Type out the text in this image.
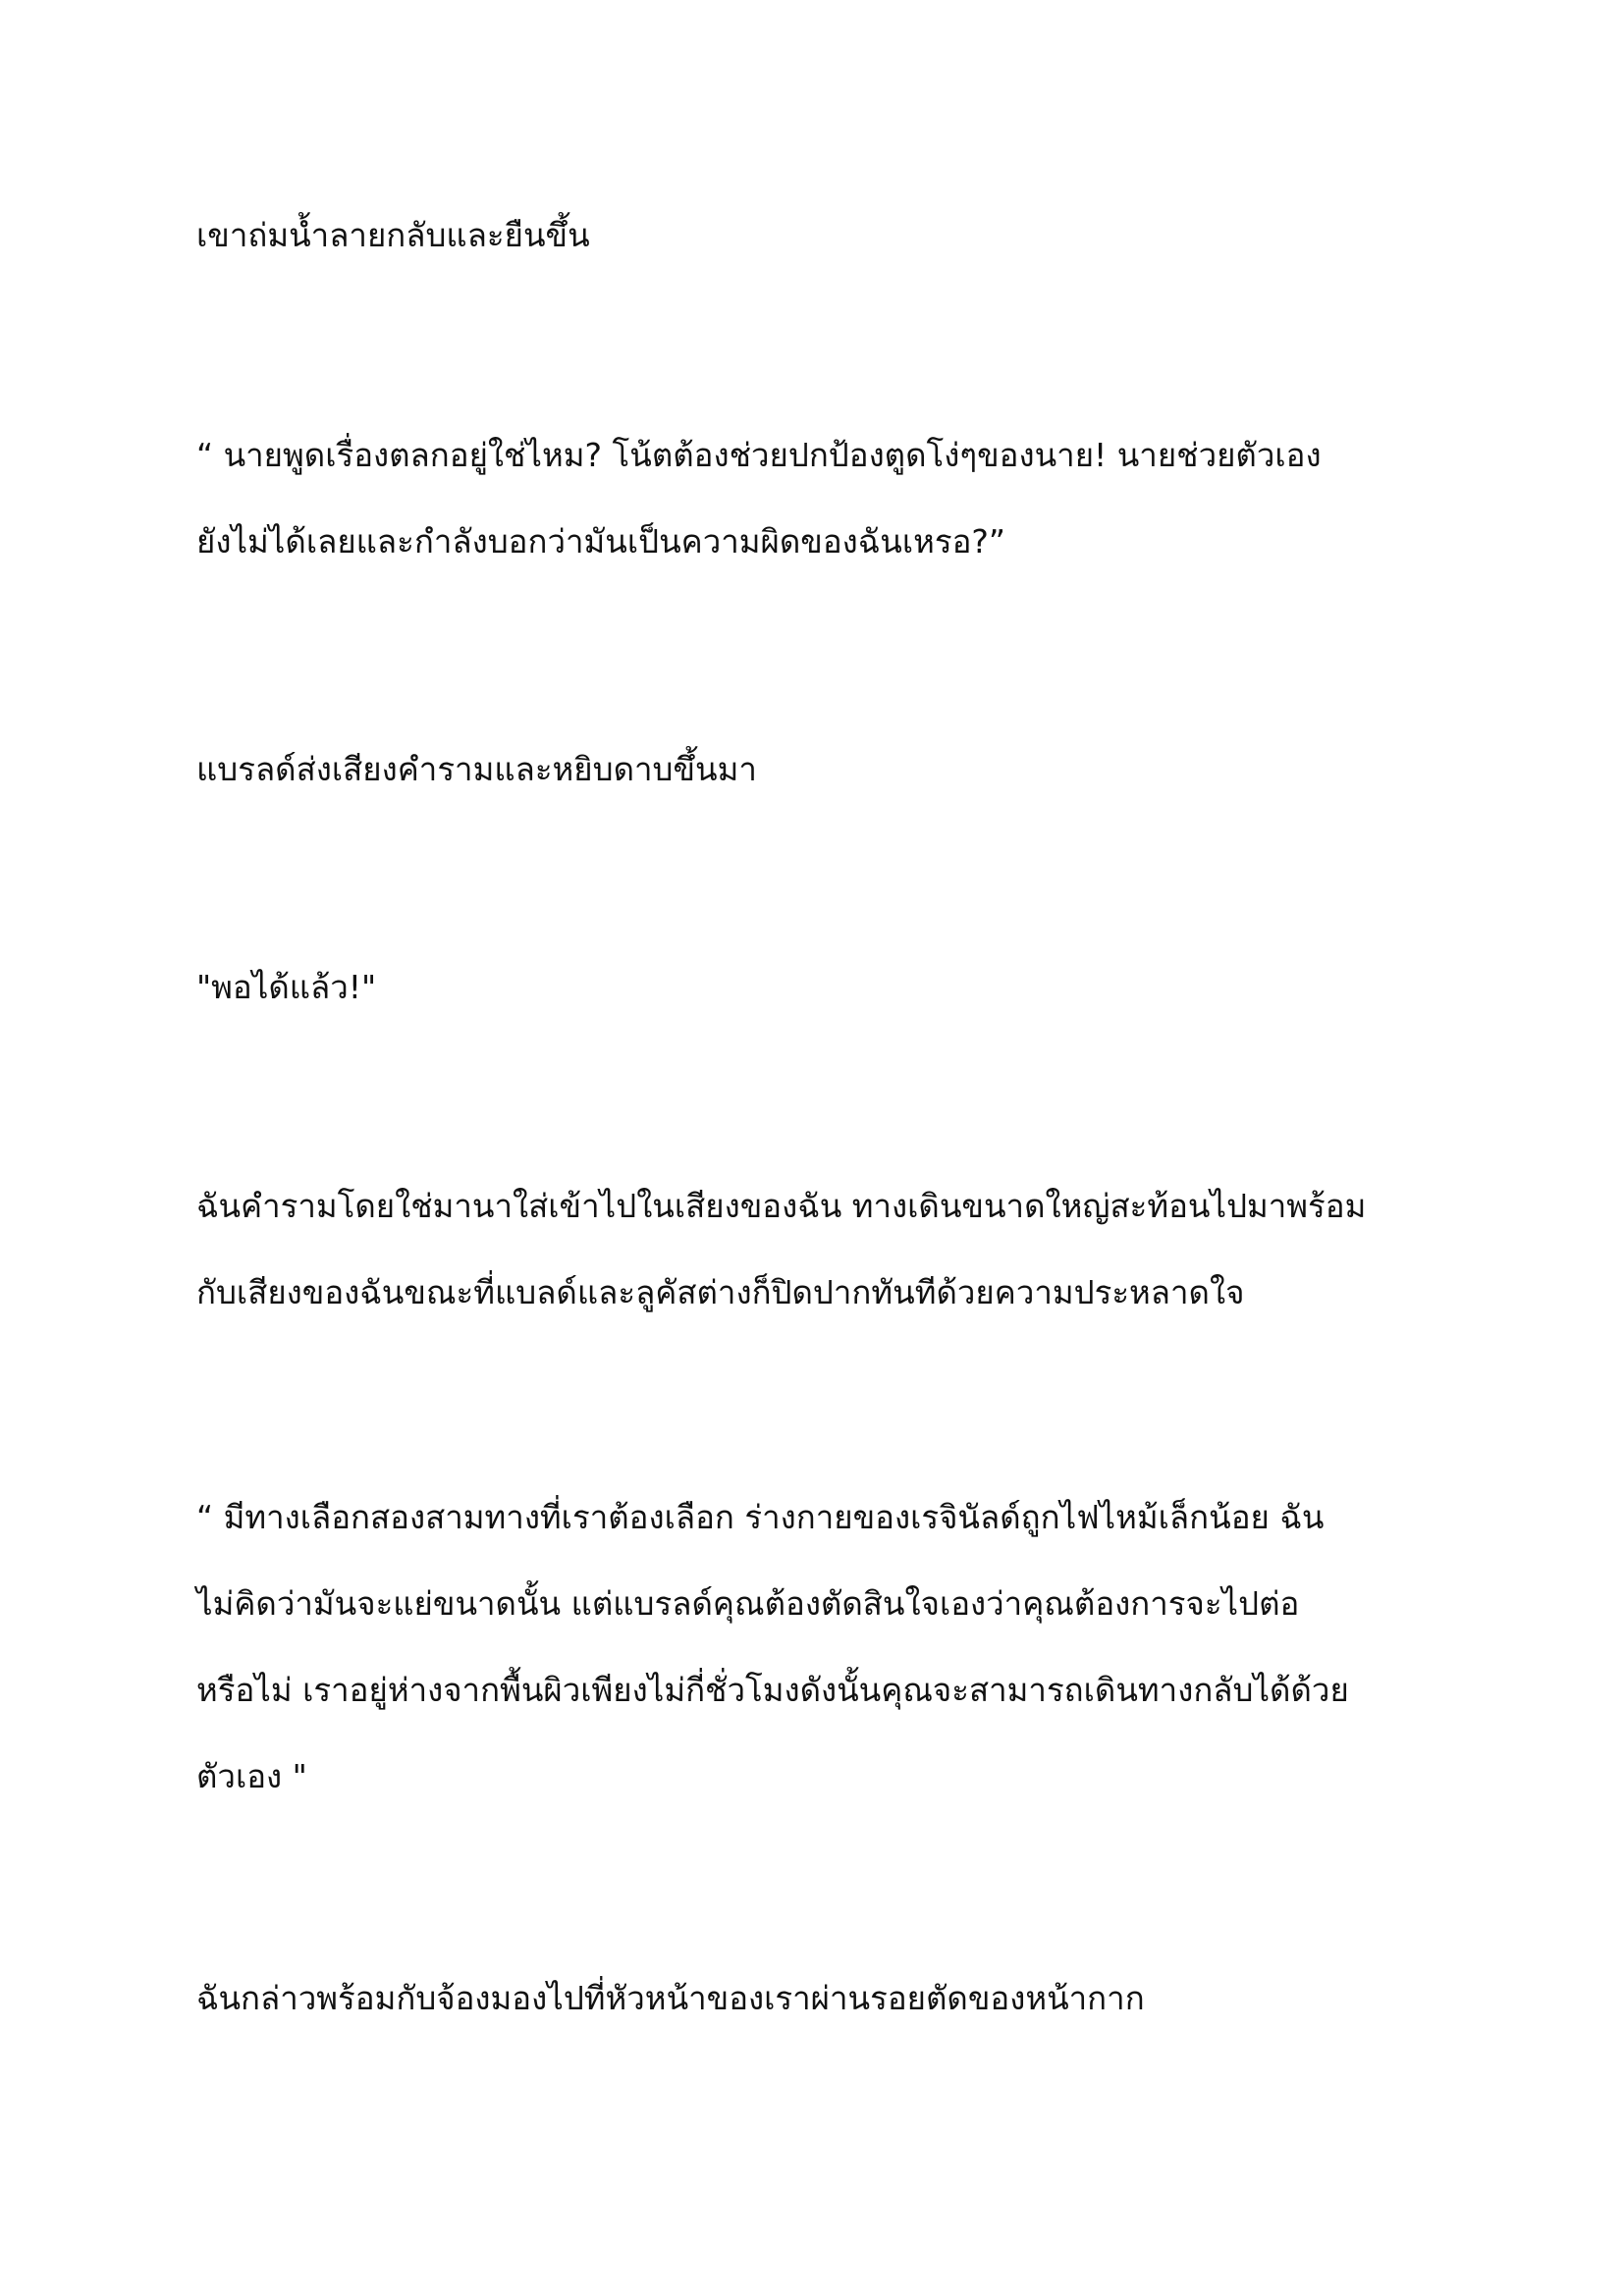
เขาถ่มน้ำลายกลับและยืนขึ้น

“ นายพูดเรื่องตลกอยู่ใช่ไหม? โน้ตต้องช่วยปกป้องตูดโง่ๆของนาย! นายช่วยตัวเอง
ยังไม่ได้เลยและกำลังบอกว่ามันเป็นความผิดของฉันเหรอ?”

แบรลด์ส่งเสียงคำรามและหยิบดาบขึ้นมา

"พอได้แล้ว!"

ฉันคำรามโดยใช่มานาใส่เข้าไปในเสียงของฉัน ทางเดินขนาดใหญ่สะท้อนไปมาพร้อม
กับเสียงของฉันขณะที่แบลด์และลูคัสต่างก็ปิดปากทันทีด้วยความประหลาดใจ

“ มีทางเลือกสองสามทางที่เราต้องเลือก ร่างกายของเรจินัลด์ถูกไฟไหม้เล็กน้อย ฉัน
ไม่คิดว่ามันจะแย่ขนาดนั้น แต่แบรลด์คุณต้องตัดสินใจเองว่าคุณต้องการจะไปต่อ
หรือไม่ เราอยู่ห่างจากพื้นผิวเพียงไม่กี่ชั่วโมงดังนั้นคุณจะสามารถเดินทางกลับได้ด้วย
ตัวเอง "

ฉันกล่าวพร้อมกับจ้องมองไปที่หัวหน้าของเราผ่านรอยตัดของหน้ากาก
